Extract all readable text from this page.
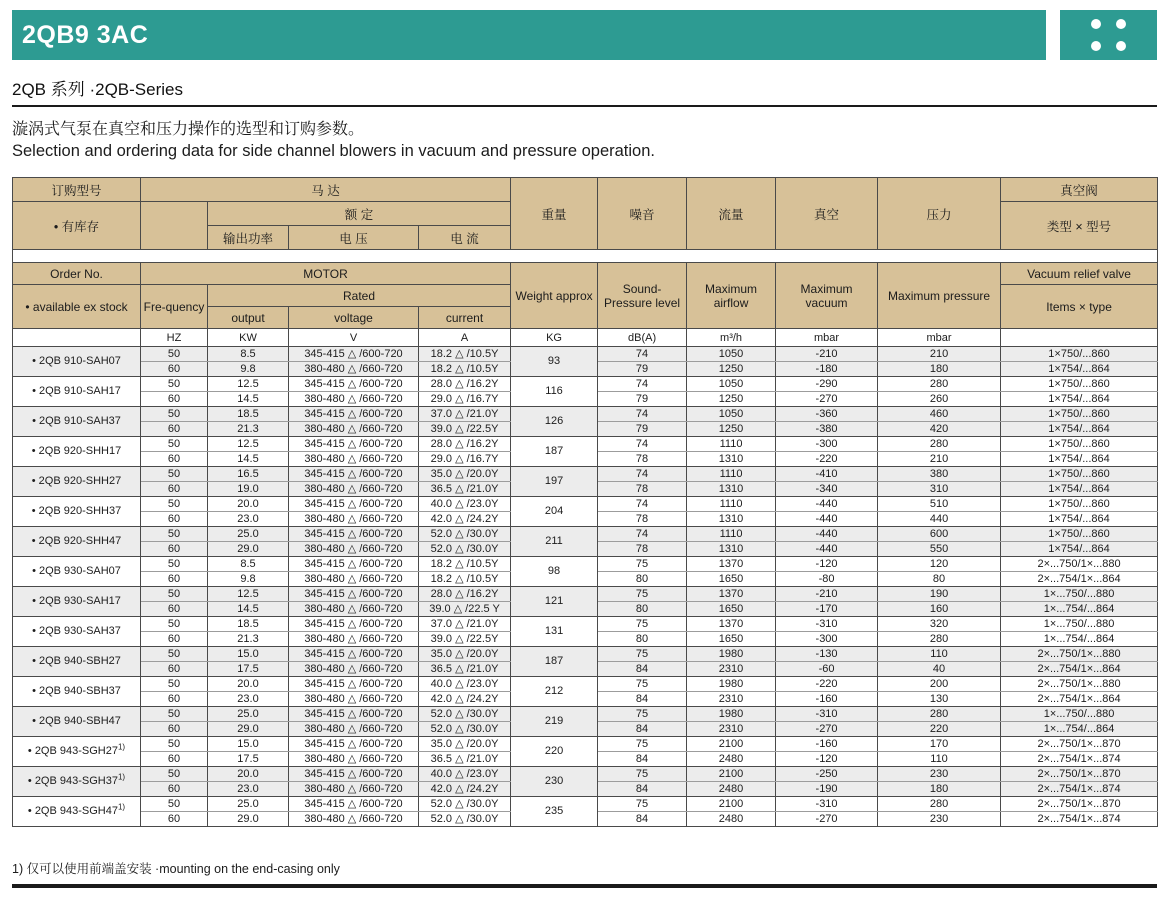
2QB9 3AC
2QB 系列 ·2QB-Series
漩涡式气泵在真空和压力操作的选型和订购参数。
Selection and ordering data for side channel blowers in vacuum and pressure operation.
订购型号	马 达				重量	噪音	流量	真空	压力	真空阀
• 有库存		额 定								类型 × 型号
		输出功率	电 压	电 流						

Order No.	MOTOR				Weight approx	Sound- Pressure level	Maximum airflow	Maximum vacuum	Maximum pressure	Vacuum relief valve
• available ex stock	Fre-quency	Rated								Items × type
		output	voltage	current						
	HZ	KW	V	A	KG	dB(A)	m³/h	mbar	mbar	
• 2QB 910-SAH07	50	8.5	345-415 △ /600-720	18.2 △ /10.5Y	93	74	1050	-210	210	1×750/...860
	60	9.8	380-480 △ /660-720	18.2 △ /10.5Y		79	1250	-180	180	1×754/...864
• 2QB 910-SAH17	50	12.5	345-415 △ /600-720	28.0 △ /16.2Y	116	74	1050	-290	280	1×750/...860
	60	14.5	380-480 △ /660-720	29.0 △ /16.7Y		79	1250	-270	260	1×754/...864
• 2QB 910-SAH37	50	18.5	345-415 △ /600-720	37.0 △ /21.0Y	126	74	1050	-360	460	1×750/...860
	60	21.3	380-480 △ /660-720	39.0 △ /22.5Y		79	1250	-380	420	1×754/...864
• 2QB 920-SHH17	50	12.5	345-415 △ /600-720	28.0 △ /16.2Y	187	74	1110	-300	280	1×750/...860
	60	14.5	380-480 △ /660-720	29.0 △ /16.7Y		78	1310	-220	210	1×754/...864
• 2QB 920-SHH27	50	16.5	345-415 △ /600-720	35.0 △ /20.0Y	197	74	1110	-410	380	1×750/...860
	60	19.0	380-480 △ /660-720	36.5 △ /21.0Y		78	1310	-340	310	1×754/...864
• 2QB 920-SHH37	50	20.0	345-415 △ /600-720	40.0 △ /23.0Y	204	74	1110	-440	510	1×750/...860
	60	23.0	380-480 △ /660-720	42.0 △ /24.2Y		78	1310	-440	440	1×754/...864
• 2QB 920-SHH47	50	25.0	345-415 △ /600-720	52.0 △ /30.0Y	211	74	1110	-440	600	1×750/...860
	60	29.0	380-480 △ /660-720	52.0 △ /30.0Y		78	1310	-440	550	1×754/...864
• 2QB 930-SAH07	50	8.5	345-415 △ /600-720	18.2 △ /10.5Y	98	75	1370	-120	120	2×...750/1×...880
	60	9.8	380-480 △ /660-720	18.2 △ /10.5Y		80	1650	-80	80	2×...754/1×...864
• 2QB 930-SAH17	50	12.5	345-415 △ /600-720	28.0 △ /16.2Y	121	75	1370	-210	190	1×...750/...880
	60	14.5	380-480 △ /660-720	39.0 △ /22.5 Y		80	1650	-170	160	1×...754/...864
• 2QB 930-SAH37	50	18.5	345-415 △ /600-720	37.0 △ /21.0Y	131	75	1370	-310	320	1×...750/...880
	60	21.3	380-480 △ /660-720	39.0 △ /22.5Y		80	1650	-300	280	1×...754/...864
• 2QB 940-SBH27	50	15.0	345-415 △ /600-720	35.0 △ /20.0Y	187	75	1980	-130	110	2×...750/1×...880
	60	17.5	380-480 △ /660-720	36.5 △ /21.0Y		84	2310	-60	40	2×...754/1×...864
• 2QB 940-SBH37	50	20.0	345-415 △ /600-720	40.0 △ /23.0Y	212	75	1980	-220	200	2×...750/1×...880
	60	23.0	380-480 △ /660-720	42.0 △ /24.2Y		84	2310	-160	130	2×...754/1×...864
• 2QB 940-SBH47	50	25.0	345-415 △ /600-720	52.0 △ /30.0Y	219	75	1980	-310	280	1×...750/...880
	60	29.0	380-480 △ /660-720	52.0 △ /30.0Y		84	2310	-270	220	1×...754/...864
• 2QB 943-SGH27$^{1)}$	50	15.0	345-415 △ /600-720	35.0 △ /20.0Y	220	75	2100	-160	170	2×...750/1×...870
	60	17.5	380-480 △ /660-720	36.5 △ /21.0Y		84	2480	-120	110	2×...754/1×...874
• 2QB 943-SGH37$^{1)}$	50	20.0	345-415 △ /600-720	40.0 △ /23.0Y	230	75	2100	-250	230	2×...750/1×...870
	60	23.0	380-480 △ /660-720	42.0 △ /24.2Y		84	2480	-190	180	2×...754/1×...874
• 2QB 943-SGH47$^{1)}$	50	25.0	345-415 △ /600-720	52.0 △ /30.0Y	235	75	2100	-310	280	2×...750/1×...870
	60	29.0	380-480 △ /660-720	52.0 △ /30.0Y		84	2480	-270	230	2×...754/1×...874
1) 仅可以使用前端盖安装 ·mounting on the end-casing only
